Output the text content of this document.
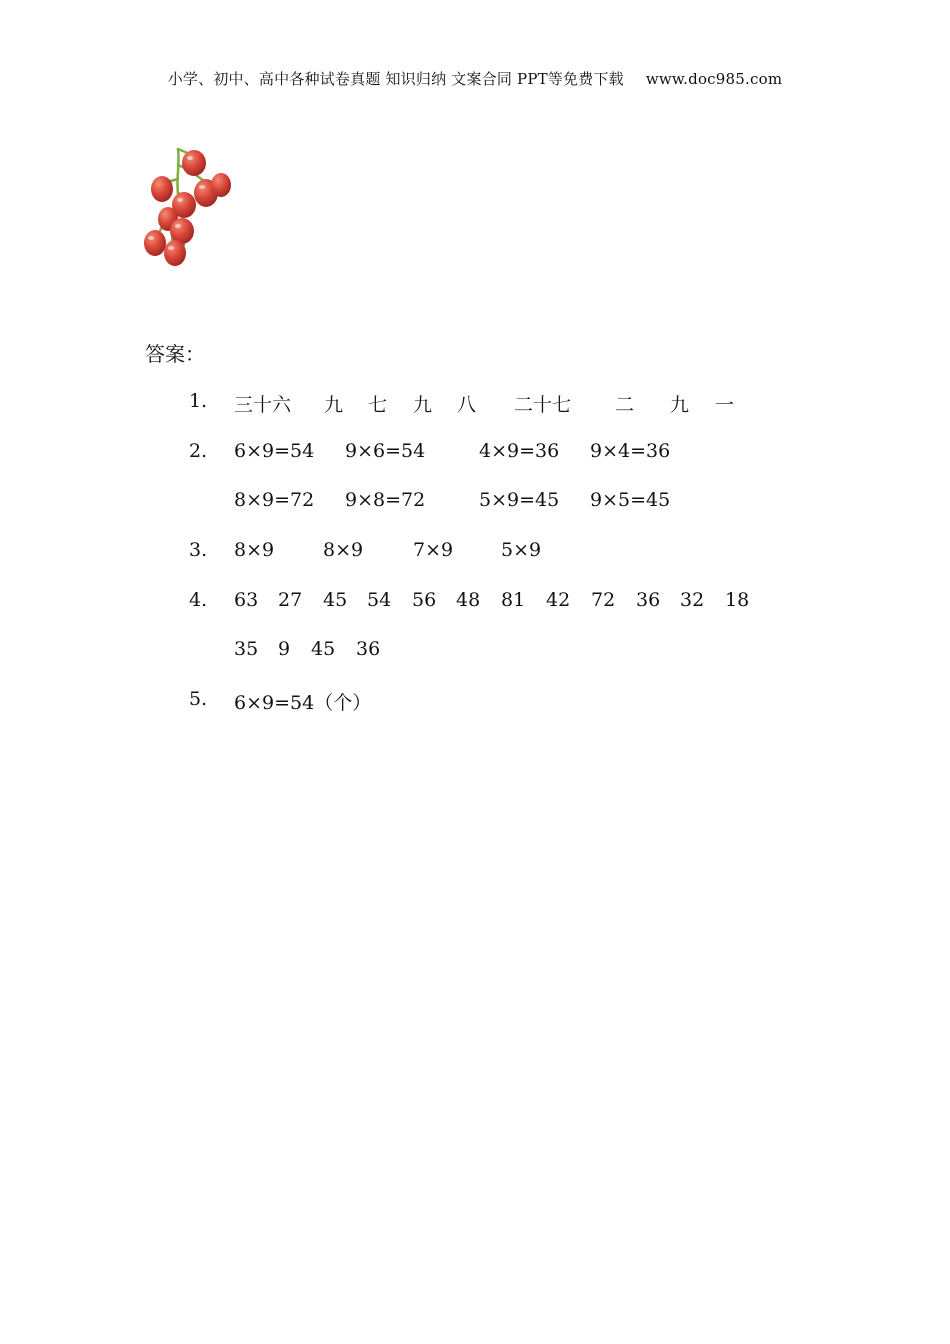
小学、初中、高中各种试卷真题 知识归纳 文案合同 PPT等免费下载 www.doc985.com
答案：
1. 三十六 九 七 九 八 二十七 二 九 一
2. 6×9=54 9×6=54	4×9=36 9×4=36
8×9=72 9×8=72	5×9=45 9×5=45
3. 8×9	8×9	7×9	5×9
4. 63 27 45 54 56 48 81 42 72 36 32 18
35 9 45 36
5. 6×9=54（个）
